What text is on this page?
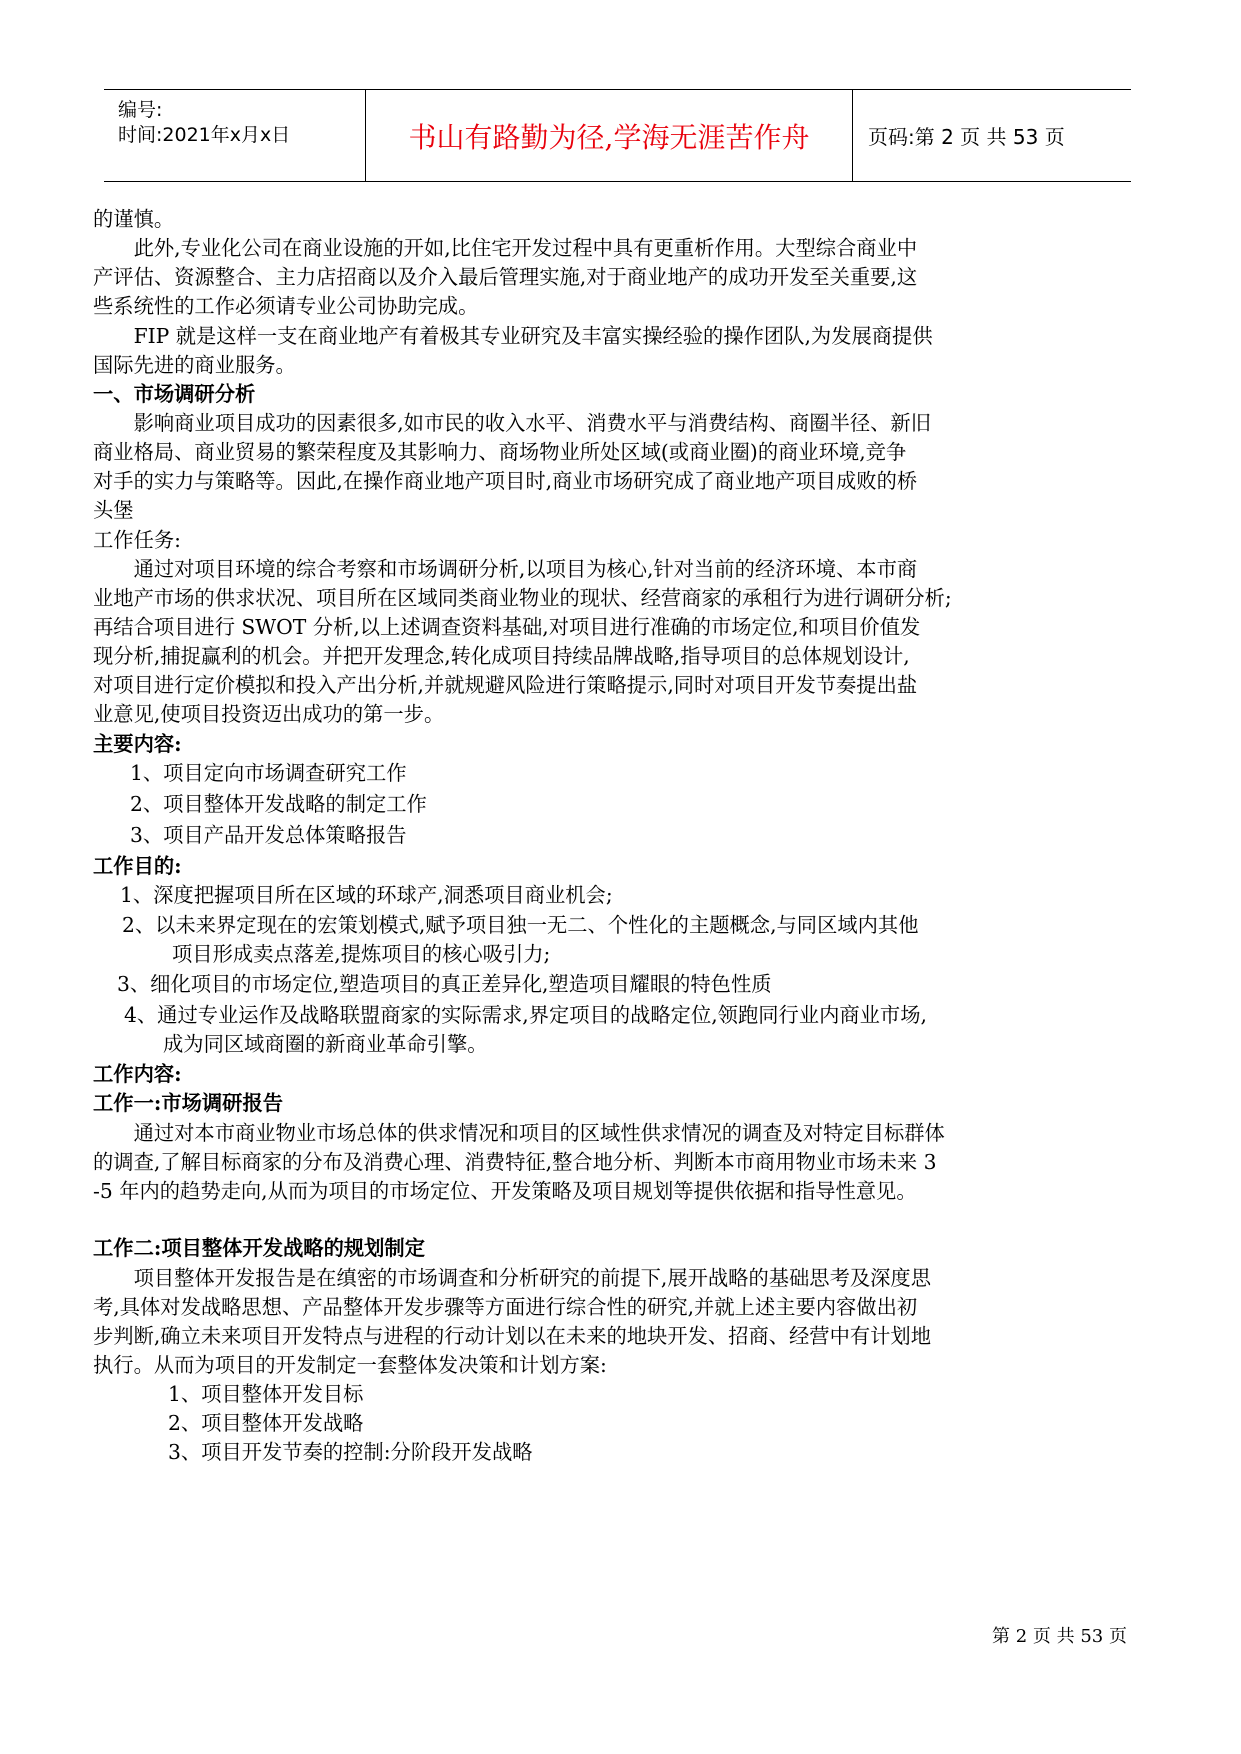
编号:
时间:2021年x月x日	书山有路勤为径,学海无涯苦作舟	页码:第 2 页 共 53 页
的谨慎。
　　此外,专业化公司在商业设施的开如,比住宅开发过程中具有更重析作用。大型综合商业中
产评估、资源整合、主力店招商以及介入最后管理实施,对于商业地产的成功开发至关重要,这
些系统性的工作必须请专业公司协助完成。
　　FIP 就是这样一支在商业地产有着极其专业研究及丰富实操经验的操作团队,为发展商提供
国际先进的商业服务。
一、市场调研分析
　　影响商业项目成功的因素很多,如市民的收入水平、消费水平与消费结构、商圈半径、新旧
商业格局、商业贸易的繁荣程度及其影响力、商场物业所处区域(或商业圈)的商业环境,竞争
对手的实力与策略等。因此,在操作商业地产项目时,商业市场研究成了商业地产项目成败的桥
头堡
工作任务:
　　通过对项目环境的综合考察和市场调研分析,以项目为核心,针对当前的经济环境、本市商
业地产市场的供求状况、项目所在区域同类商业物业的现状、经营商家的承租行为进行调研分析;
再结合项目进行 SWOT 分析,以上述调查资料基础,对项目进行准确的市场定位,和项目价值发
现分析,捕捉赢利的机会。并把开发理念,转化成项目持续品牌战略,指导项目的总体规划设计,
对项目进行定价模拟和投入产出分析,并就规避风险进行策略提示,同时对项目开发节奏提出盐
业意见,使项目投资迈出成功的第一步。
主要内容:
1、项目定向市场调查研究工作
2、项目整体开发战略的制定工作
3、项目产品开发总体策略报告
工作目的:
1、深度把握项目所在区域的环球产,洞悉项目商业机会;
2、以未来界定现在的宏策划模式,赋予项目独一无二、个性化的主题概念,与同区域内其他
项目形成卖点落差,提炼项目的核心吸引力;
3、细化项目的市场定位,塑造项目的真正差异化,塑造项目耀眼的特色性质
4、通过专业运作及战略联盟商家的实际需求,界定项目的战略定位,领跑同行业内商业市场,
成为同区域商圈的新商业革命引擎。
工作内容:
工作一:市场调研报告
　　通过对本市商业物业市场总体的供求情况和项目的区域性供求情况的调查及对特定目标群体
的调查,了解目标商家的分布及消费心理、消费特征,整合地分析、判断本市商用物业市场未来 3
-5 年内的趋势走向,从而为项目的市场定位、开发策略及项目规划等提供依据和指导性意见。
工作二:项目整体开发战略的规划制定
　　项目整体开发报告是在缜密的市场调查和分析研究的前提下,展开战略的基础思考及深度思
考,具体对发战略思想、产品整体开发步骤等方面进行综合性的研究,并就上述主要内容做出初
步判断,确立未来项目开发特点与进程的行动计划以在未来的地块开发、招商、经营中有计划地
执行。从而为项目的开发制定一套整体发决策和计划方案:
1、项目整体开发目标
2、项目整体开发战略
3、项目开发节奏的控制:分阶段开发战略
第 2 页 共 53 页
